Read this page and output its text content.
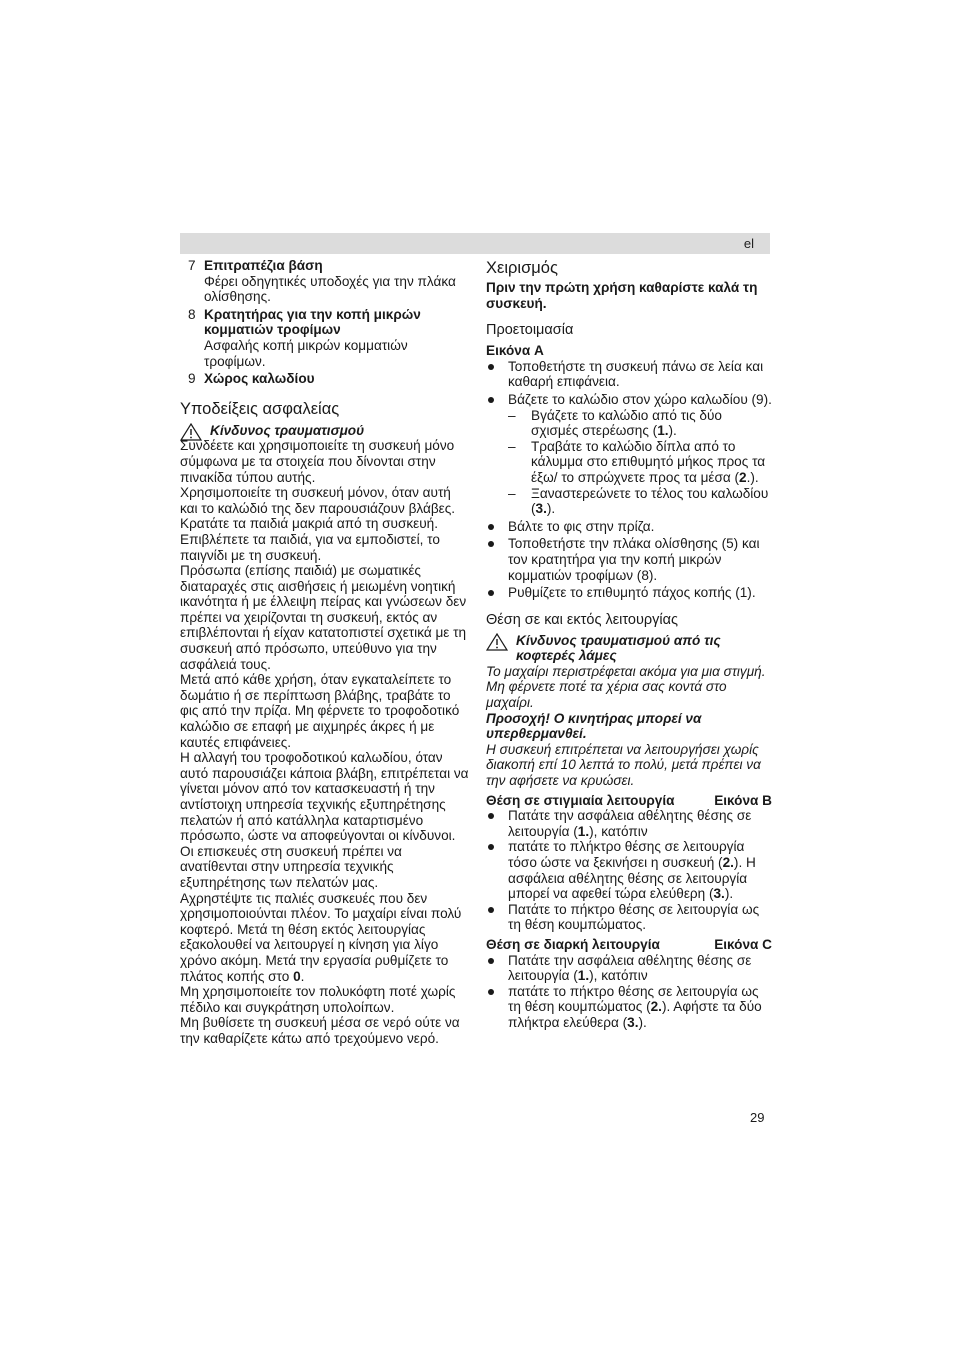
el
7 Επιτραπέζια βάση
Φέρει οδηγητικές υποδοχές για την πλάκα ολίσθησης.
8 Κρατητήρας για την κοπή μικρών κομματιών τροφίμων
Ασφαλής κοπή μικρών κομματιών τροφίμων.
9 Χώρος καλωδίου
Υποδείξεις ασφαλείας
Κίνδυνος τραυματισμού

Συνδέετε και χρησιμοποιείτε τη συσκευή μόνο σύμφωνα με τα στοιχεία που δίνονται στην πινακίδα τύπου αυτής.

Χρησιμοποιείτε τη συσκευή μόνον, όταν αυτή και το καλώδιό της δεν παρουσιάζουν βλάβες.

Κρατάτε τα παιδιά μακριά από τη συσκευή. Επιβλέπετε τα παιδιά, για να εμποδιστεί, το παιγνίδι με τη συσκευή.

Πρόσωπα (επίσης παιδιά) με σωματικές διαταραχές στις αισθήσεις ή μειωμένη νοητική ικανότητα ή με έλλειψη πείρας και γνώσεων δεν πρέπει να χειρίζονται τη συσκευή, εκτός αν επιβλέπονται ή είχαν κατατοπιστεί σχετικά με τη συσκευή από πρόσωπο, υπεύθυνο για την ασφάλειά τους.

Μετά από κάθε χρήση, όταν εγκαταλείπετε το δωμάτιο ή σε περίπτωση βλάβης, τραβάτε το φις από την πρίζα. Μη φέρνετε το τροφοδοτικό καλώδιο σε επαφή με αιχμηρές άκρες ή με καυτές επιφάνειες.

Η αλλαγή του τροφοδοτικού καλωδίου, όταν αυτό παρουσιάζει κάποια βλάβη, επιτρέπεται να γίνεται μόνον από τον κατασκευαστή ή την αντίστοιχη υπηρεσία τεχνικής εξυπηρέτησης πελατών ή από κατάλληλα καταρτισμένο πρόσωπο, ώστε να αποφεύγονται οι κίνδυνοι.

Οι επισκευές στη συσκευή πρέπει να ανατίθενται στην υπηρεσία τεχνικής εξυπηρέτησης των πελατών μας.

Αχρηστέψτε τις παλιές συσκευές που δεν χρησιμοποιούνται πλέον. Το μαχαίρι είναι πολύ κοφτερό. Μετά τη θέση εκτός λειτουργίας εξακολουθεί να λειτουργεί η κίνηση για λίγο χρόνο ακόμη. Μετά την εργασία ρυθμίζετε το πλάτος κοπής στο 0.

Μη χρησιμοποιείτε τον πολυκόφτη ποτέ χωρίς πέδιλο και συγκράτηση υπολοίπων.

Μη βυθίσετε τη συσκευή μέσα σε νερό ούτε να την καθαρίζετε κάτω από τρεχούμενο νερό.

Χειρισμός

Πριν την πρώτη χρήση καθαρίστε καλά τη συσκευή.

Προετοιμασία

Εικόνα A

Τοποθετήστε τη συσκευή πάνω σε λεία και καθαρή επιφάνεια.
Βάζετε το καλώδιο στον χώρο καλωδίου (9).
– Βγάζετε το καλώδιο από τις δύο σχισμές στερέωσης (1.).
– Τραβάτε το καλώδιο δίπλα από το κάλυμμα στο επιθυμητό μήκος προς τα έξω/ το σπρώχνετε προς τα μέσα (2.).
– Ξαναστερεώνετε το τέλος του καλωδίου (3.).
Βάλτε το φις στην πρίζα.
Τοποθετήστε την πλάκα ολίσθησης (5) και τον κρατητήρα για την κοπή μικρών κομματιών τροφίμων (8).
Ρυθμίζετε το επιθυμητό πάχος κοπής (1).
Θέση σε και εκτός λειτουργίας
Κίνδυνος τραυματισμού από τις κοφτερές λάμες

Το μαχαίρι περιστρέφεται ακόμα για μια στιγμή. Μη φέρνετε ποτέ τα χέρια σας κοντά στο μαχαίρι.

Προσοχή! Ο κινητήρας μπορεί να υπερθερμανθεί.

Η συσκευή επιτρέπεται να λειτουργήσει χωρίς διακοπή επί 10 λεπτά το πολύ, μετά πρέπει να την αφήσετε να κρυώσει.

Θέση σε στιγμιαία λειτουργία	Εικόνα B
Πατάτε την ασφάλεια αθέλητης θέσης σε λειτουργία (1.), κατόπιν
πατάτε το πλήκτρο θέσης σε λειτουργία τόσο ώστε να ξεκινήσει η συσκευή (2.). Η ασφάλεια αθέλητης θέσης σε λειτουργία μπορεί να αφεθεί τώρα ελεύθερη (3.).
Πατάτε το πήκτρο θέσης σε λειτουργία ως τη θέση κουμπώματος.
Θέση σε διαρκή λειτουργία	Εικόνα C
Πατάτε την ασφάλεια αθέλητης θέσης σε λειτουργία (1.), κατόπιν
πατάτε το πήκτρο θέσης σε λειτουργία ως τη θέση κουμπώματος (2.). Αφήστε τα δύο πλήκτρα ελεύθερα (3.).
29
